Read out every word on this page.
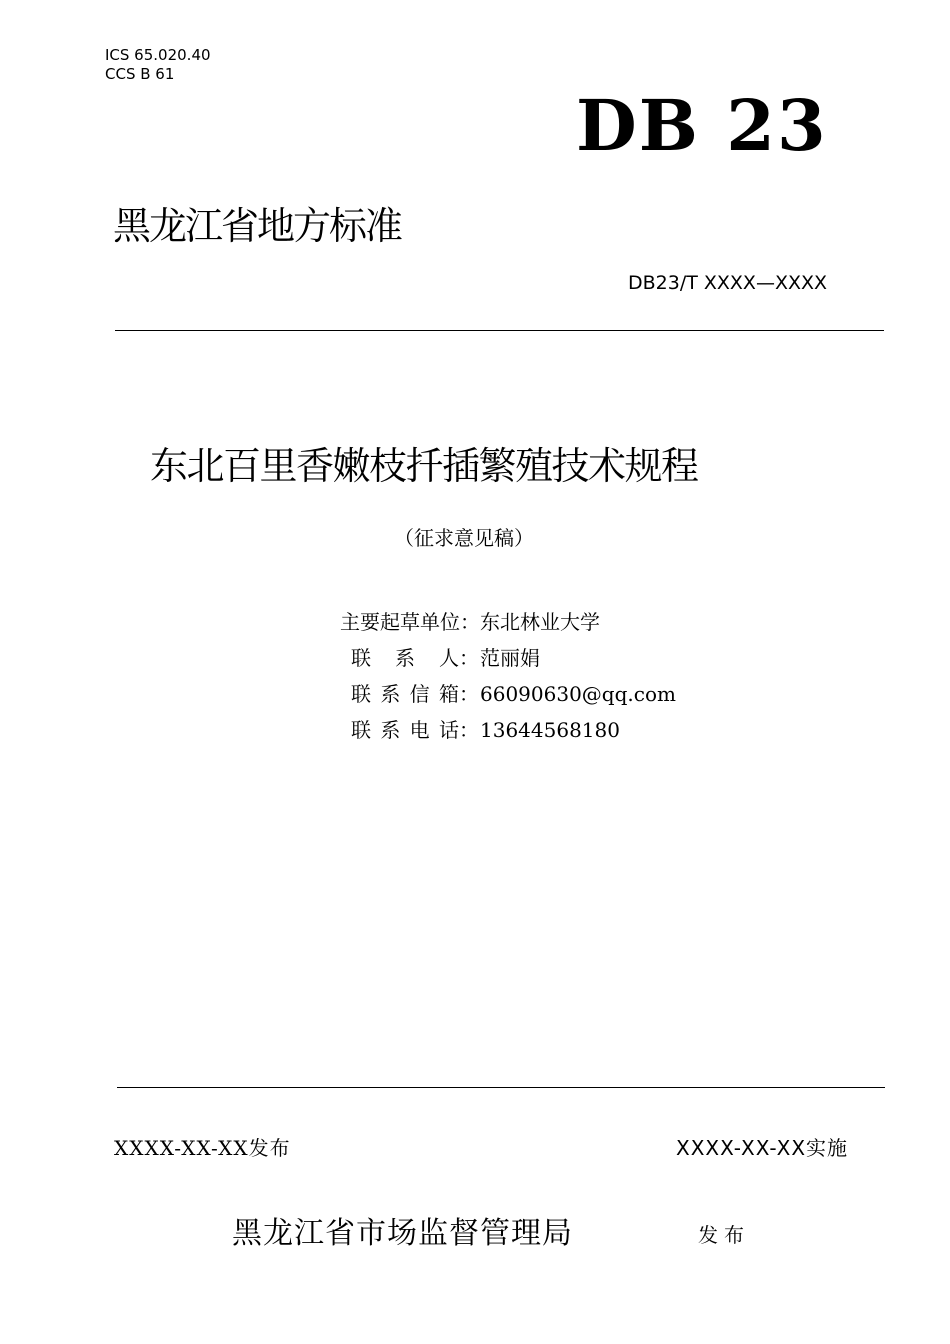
ICS 65.020.40
CCS B 61
DB 23
黑龙江省地方标准
DB23/T XXXX—XXXX
东北百里香嫩枝扦插繁殖技术规程
（征求意见稿）
主要起草单位： 东北林业大学
联 系 人 ： 范丽娟
联 系 信 箱 ： 66090630@qq.com
联 系 电 话 ： 13644568180
XXXX-XX-XX发布	XXXX-XX-XX实施
黑龙江省市场监督管理局	发布
